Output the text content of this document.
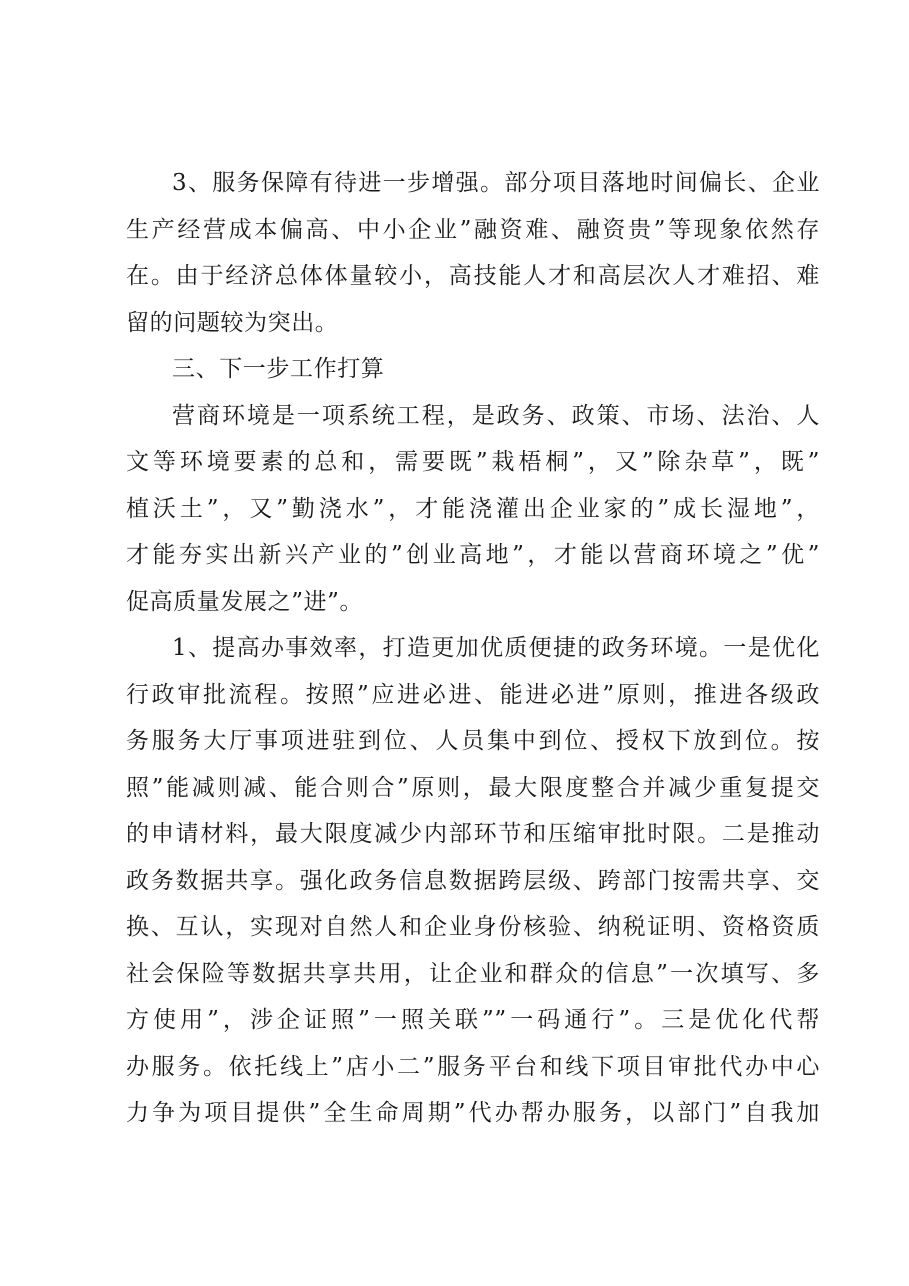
3、服务保障有待进一步增强。部分项目落地时间偏长、企业
生产经营成本偏高、中小企业”融资难、融资贵”等现象依然存
在。由于经济总体体量较小，高技能人才和高层次人才难招、难
留的问题较为突出。
三、下一步工作打算
营商环境是一项系统工程，是政务、政策、市场、法治、人
文等环境要素的总和，需要既”栽梧桐”，又”除杂草”，既”
植沃土”，又”勤浇水”，才能浇灌出企业家的”成长湿地”，
才能夯实出新兴产业的”创业高地”，才能以营商环境之”优”
促高质量发展之”进”。
1、提高办事效率，打造更加优质便捷的政务环境。一是优化
行政审批流程。按照”应进必进、能进必进”原则，推进各级政
务服务大厅事项进驻到位、人员集中到位、授权下放到位。按
照”能减则减、能合则合”原则，最大限度整合并减少重复提交
的申请材料，最大限度减少内部环节和压缩审批时限。二是推动
政务数据共享。强化政务信息数据跨层级、跨部门按需共享、交
换、互认，实现对自然人和企业身份核验、纳税证明、资格资质
社会保险等数据共享共用，让企业和群众的信息”一次填写、多
方使用”，涉企证照”一照关联””一码通行”。三是优化代帮
办服务。依托线上”店小二”服务平台和线下项目审批代办中心
力争为项目提供”全生命周期”代办帮办服务，以部门”自我加
